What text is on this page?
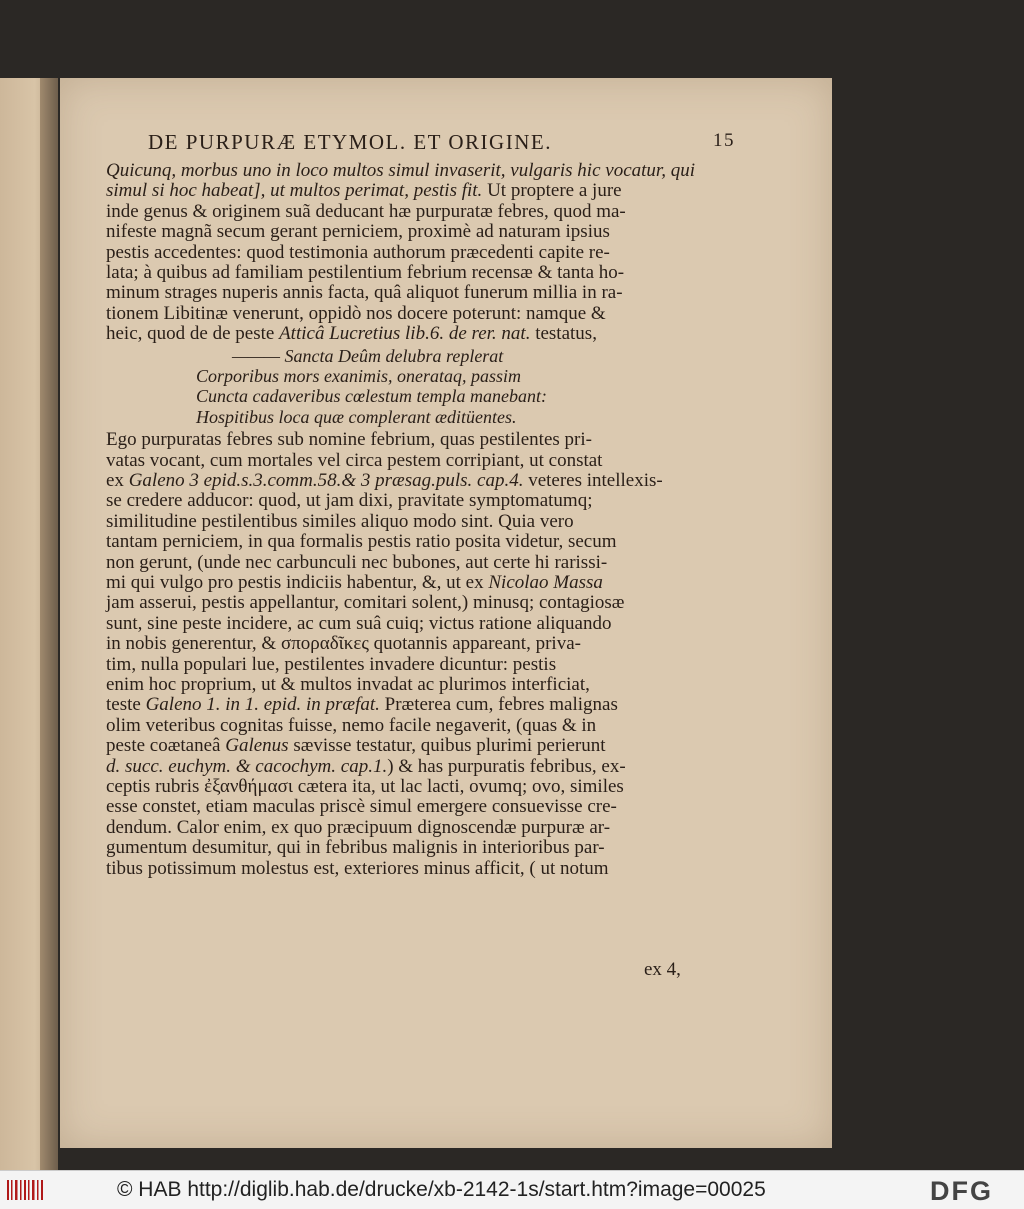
DE PURPURÆ ETYMOL. ET ORIGINE.	15
Quicunq, morbus uno in loco multos simul invaserit, vulgaris hic vocatur, qui
simul si hoc habeat], ut multos perimat, pestis fit. Ut proptere a jure
inde genus & originem suã deducant hæ purpuratæ febres, quod ma-
nifeste magnã secum gerant perniciem, proximè ad naturam ipsius
pestis accedentes: quod testimonia authorum præcedenti capite re-
lata; à quibus ad familiam pestilentium febrium recensæ & tanta ho-
minum strages nuperis annis facta, quâ aliquot funerum millia in ra-
tionem Libitinæ venerunt, oppidò nos docere poterunt: namque &
heic, quod de de peste Atticâ Lucretius lib.6. de rer. nat. testatus,
——— Sancta Deûm delubra replerat
Corporibus mors exanimis, onerataq, passim
Cuncta cadaveribus cœlestum templa manebant:
Hospitibus loca quæ complerant æditüentes.
Ego purpuratas febres sub nomine febrium, quas pestilentes pri-
vatas vocant, cum mortales vel circa pestem corripiant, ut constat
ex Galeno 3 epid.s.3.comm.58.& 3 præsag.puls. cap.4. veteres intellexis-
se credere adducor: quod, ut jam dixi, pravitate symptomatumq;
similitudine pestilentibus similes aliquo modo sint. Quia vero
tantam perniciem, in qua formalis pestis ratio posita videtur, secum
non gerunt, (unde nec carbunculi nec bubones, aut certe hi rarissi-
mi qui vulgo pro pestis indiciis habentur, &, ut ex Nicolao Massa
jam asserui, pestis appellantur, comitari solent,) minusq; contagiosæ
sunt, sine peste incidere, ac cum suâ cuiq; victus ratione aliquando
in nobis generentur, & σποραδῖκες quotannis appareant, priva-
tim, nulla populari lue, pestilentes invadere dicuntur: pestis
enim hoc proprium, ut & multos invadat ac plurimos interficiat,
teste Galeno 1. in 1. epid. in præfat. Præterea cum, febres malignas
olim veteribus cognitas fuisse, nemo facile negaverit, (quas & in
peste coætaneâ Galenus sævisse testatur, quibus plurimi perierunt
d. succ. euchym. & cacochym. cap.1.) & has purpuratis febribus, ex-
ceptis rubris ἐξανθήμασι cætera ita, ut lac lacti, ovumq; ovo, similes
esse constet, etiam maculas priscè simul emergere consuevisse cre-
dendum. Calor enim, ex quo præcipuum dignoscendæ purpuræ ar-
gumentum desumitur, qui in febribus malignis in interioribus par-
tibus potissimum molestus est, exteriores minus afficit, ( ut notum
ex 4,
© HAB http://diglib.hab.de/drucke/xb-2142-1s/start.htm?image=00025	DFG
